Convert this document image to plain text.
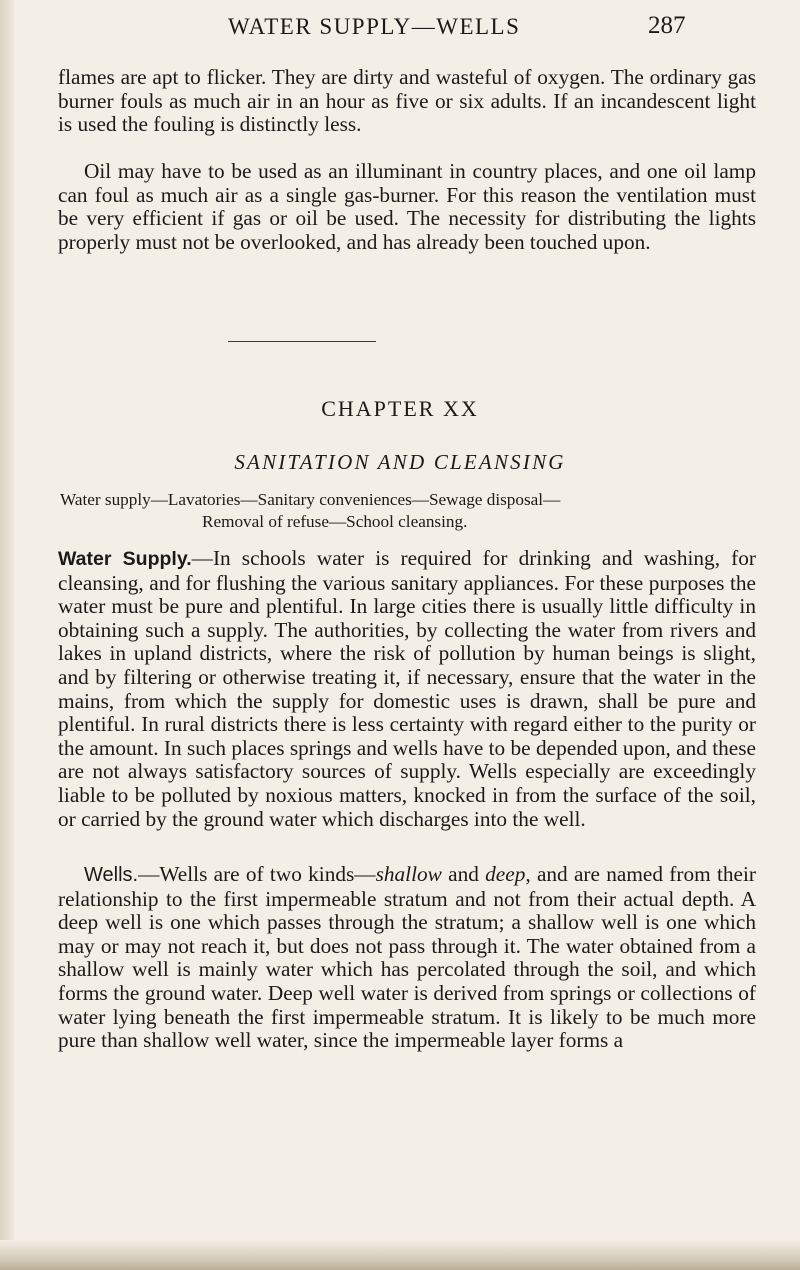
WATER SUPPLY—WELLS	287

flames are apt to flicker. They are dirty and wasteful of oxygen. The ordinary gas burner fouls as much air in an hour as five or six adults. If an incandescent light is used the fouling is distinctly less.

Oil may have to be used as an illuminant in country places, and one oil lamp can foul as much air as a single gas-burner. For this reason the ventilation must be very efficient if gas or oil be used. The necessity for distributing the lights properly must not be overlooked, and has already been touched upon.

CHAPTER XX
SANITATION AND CLEANSING

Water supply—Lavatories—Sanitary conveniences—Sewage disposal—
Removal of refuse—School cleansing.

Water Supply.—In schools water is required for drinking and washing, for cleansing, and for flushing the various sanitary appliances. For these purposes the water must be pure and plentiful. In large cities there is usually little difficulty in obtaining such a supply. The authorities, by collecting the water from rivers and lakes in upland districts, where the risk of pollution by human beings is slight, and by filtering or otherwise treating it, if necessary, ensure that the water in the mains, from which the supply for domestic uses is drawn, shall be pure and plentiful. In rural districts there is less certainty with regard either to the purity or the amount. In such places springs and wells have to be depended upon, and these are not always satisfactory sources of supply. Wells especially are exceedingly liable to be polluted by noxious matters, knocked in from the surface of the soil, or carried by the ground water which discharges into the well.

Wells.—Wells are of two kinds—shallow and deep, and are named from their relationship to the first impermeable stratum and not from their actual depth. A deep well is one which passes through the stratum; a shallow well is one which may or may not reach it, but does not pass through it. The water obtained from a shallow well is mainly water which has percolated through the soil, and which forms the ground water. Deep well water is derived from springs or collections of water lying beneath the first impermeable stratum. It is likely to be much more pure than shallow well water, since the impermeable layer forms a
